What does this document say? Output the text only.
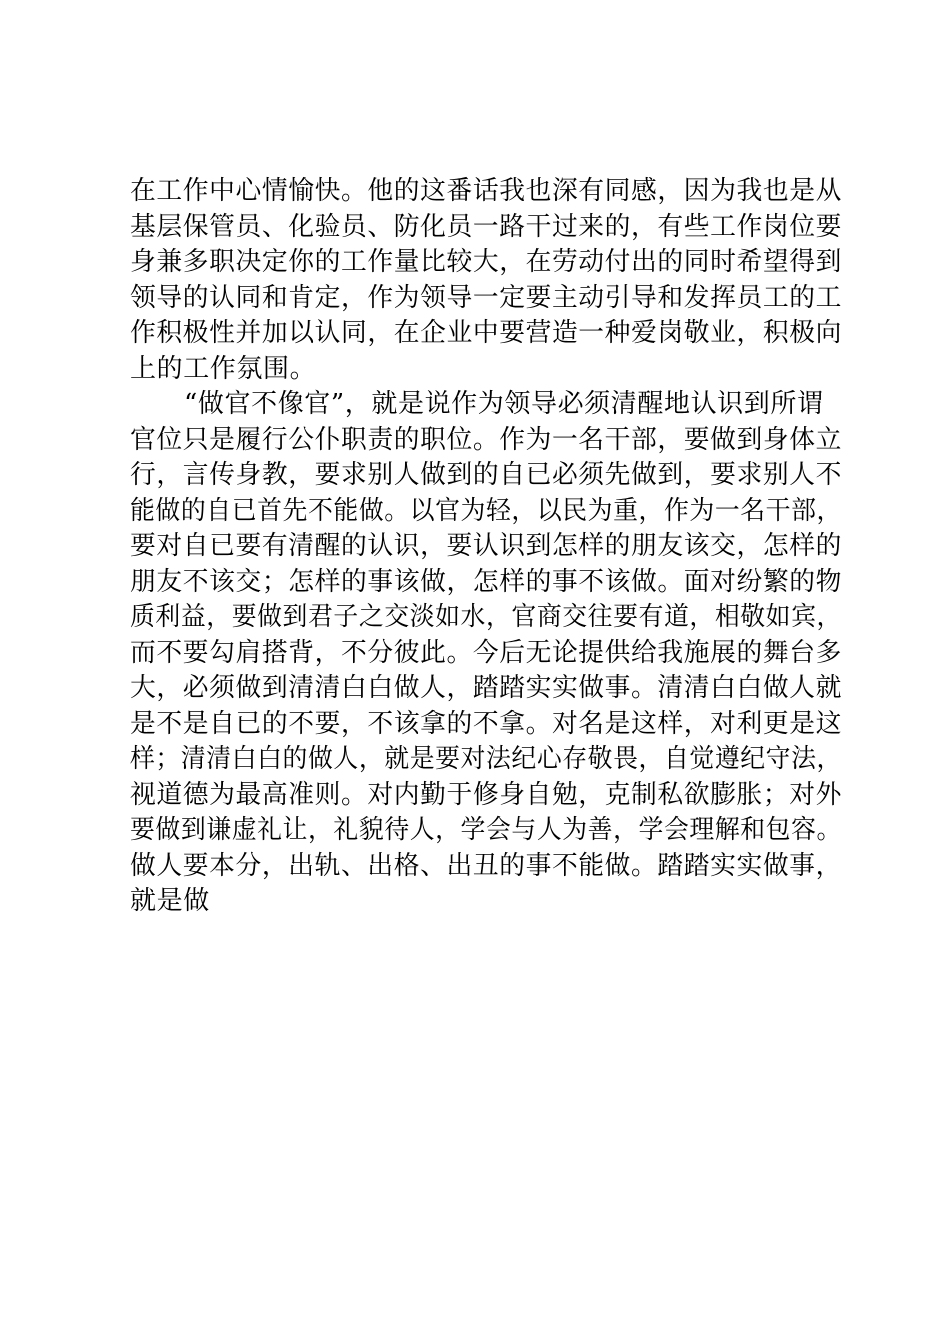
在工作中心情愉快。他的这番话我也深有同感，因为我也是从
基层保管员、化验员、防化员一路干过来的，有些工作岗位要
身兼多职决定你的工作量比较大，在劳动付出的同时希望得到
领导的认同和肯定，作为领导一定要主动引导和发挥员工的工
作积极性并加以认同，在企业中要营造一种爱岗敬业，积极向
上的工作氛围。
“做官不像官”，就是说作为领导必须清醒地认识到所谓
官位只是履行公仆职责的职位。作为一名干部，要做到身体立
行，言传身教，要求别人做到的自已必须先做到，要求别人不
能做的自已首先不能做。以官为轻，以民为重，作为一名干部，
要对自已要有清醒的认识，要认识到怎样的朋友该交，怎样的
朋友不该交；怎样的事该做，怎样的事不该做。面对纷繁的物
质利益，要做到君子之交淡如水，官商交往要有道，相敬如宾，
而不要勾肩搭背，不分彼此。今后无论提供给我施展的舞台多
大，必须做到清清白白做人，踏踏实实做事。清清白白做人就
是不是自已的不要，不该拿的不拿。对名是这样，对利更是这
样；清清白白的做人，就是要对法纪心存敬畏，自觉遵纪守法，
视道德为最高准则。对内勤于修身自勉，克制私欲膨胀；对外
要做到谦虚礼让，礼貌待人，学会与人为善，学会理解和包容。
做人要本分，出轨、出格、出丑的事不能做。踏踏实实做事，
就是做
